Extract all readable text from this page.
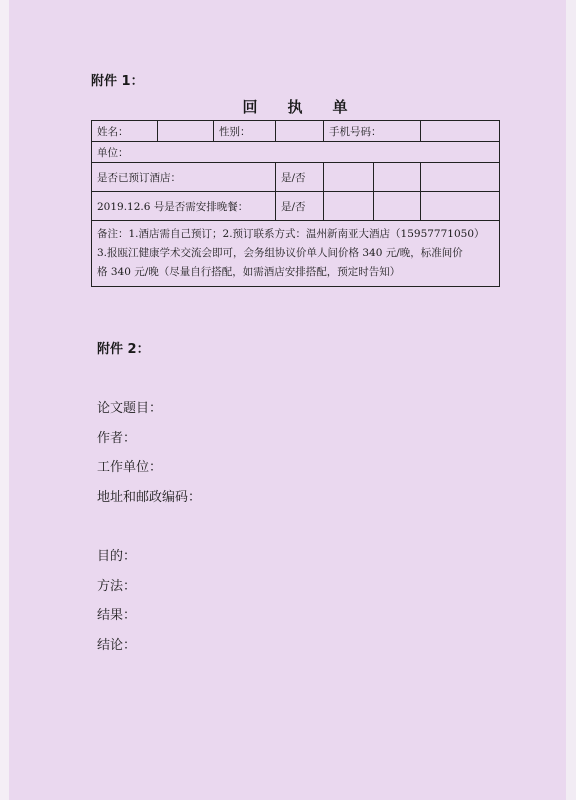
附件 1：
回执单
姓名：		性别：		手机号码：		
单位：						
是否已预订酒店：			是/否			
2019.12.6 号是否需安排晚餐：			是/否			

备注：1.酒店需自己预订；2.预订联系方式：温州新南亚大酒店（15957771050）
3.报瓯江健康学术交流会即可，会务组协议价单人间价格 340 元/晚，标准间价
格 340 元/晚（尽量自行搭配，如需酒店安排搭配，预定时告知）						
附件 2：
论文题目：
作者：
工作单位：
地址和邮政编码：
目的：
方法：
结果：
结论：
